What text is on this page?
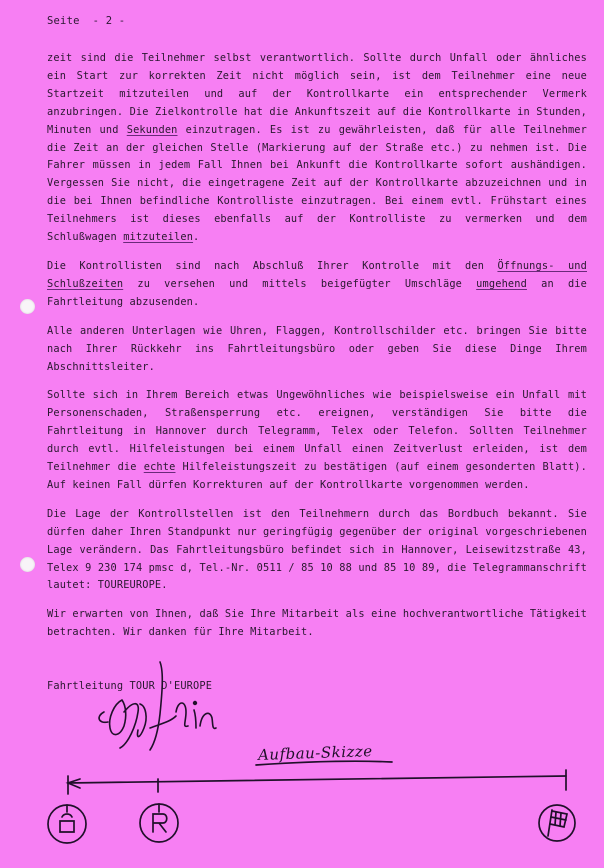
Seite  - 2 -

zeit sind die Teilnehmer selbst verantwortlich. Sollte durch Unfall oder ähnliches ein Start zur korrekten Zeit nicht möglich sein, ist dem Teilnehmer eine neue Startzeit mitzuteilen und auf der Kontrollkarte ein entsprechender Vermerk anzubringen. Die Zielkontrolle hat die Ankunftszeit auf die Kontrollkarte in Stunden, Minuten und Sekunden einzutragen. Es ist zu gewährleisten, daß für alle Teilnehmer die Zeit an der gleichen Stelle (Markierung auf der Straße etc.) zu nehmen ist. Die Fahrer müssen in jedem Fall Ihnen bei Ankunft die Kontrollkarte sofort aushändigen. Vergessen Sie nicht, die eingetragene Zeit auf der Kontrollkarte abzuzeichnen und in die bei Ihnen befindliche Kontrolliste einzutragen. Bei einem evtl. Frühstart eines Teilnehmers ist dieses ebenfalls auf der Kontrolliste zu vermerken und dem Schlußwagen mitzuteilen.

Die Kontrollisten sind nach Abschluß Ihrer Kontrolle mit den Öffnungs- und Schlußzeiten zu versehen und mittels beigefügter Umschläge umgehend an die Fahrtleitung abzusenden.

Alle anderen Unterlagen wie Uhren, Flaggen, Kontrollschilder etc. bringen Sie bitte nach Ihrer Rückkehr ins Fahrtleitungsbüro oder geben Sie diese Dinge Ihrem Abschnittsleiter.

Sollte sich in Ihrem Bereich etwas Ungewöhnliches wie beispielsweise ein Unfall mit Personenschaden, Straßensperrung etc. ereignen, verständigen Sie bitte die Fahrtleitung in Hannover durch Telegramm, Telex oder Telefon. Sollten Teilnehmer durch evtl. Hilfeleistungen bei einem Unfall einen Zeitverlust erleiden, ist dem Teilnehmer die echte Hilfeleistungszeit zu bestätigen (auf einem gesonderten Blatt). Auf keinen Fall dürfen Korrekturen auf der Kontrollkarte vorgenommen werden.

Die Lage der Kontrollstellen ist den Teilnehmern durch das Bordbuch bekannt. Sie dürfen daher Ihren Standpunkt nur geringfügig gegenüber der original vorgeschriebenen Lage verändern. Das Fahrtleitungsbüro befindet sich in Hannover, Leisewitzstraße 43, Telex 9 230 174 pmsc d, Tel.-Nr. 0511 / 85 10 88 und 85 10 89, die Telegrammanschrift lautet: TOUREUROPE.

Wir erwarten von Ihnen, daß Sie Ihre Mitarbeit als eine hochverantwortliche Tätigkeit betrachten. Wir danken für Ihre Mitarbeit.

Fahrtleitung TOUR D'EUROPE
Aufbau-Skizze
